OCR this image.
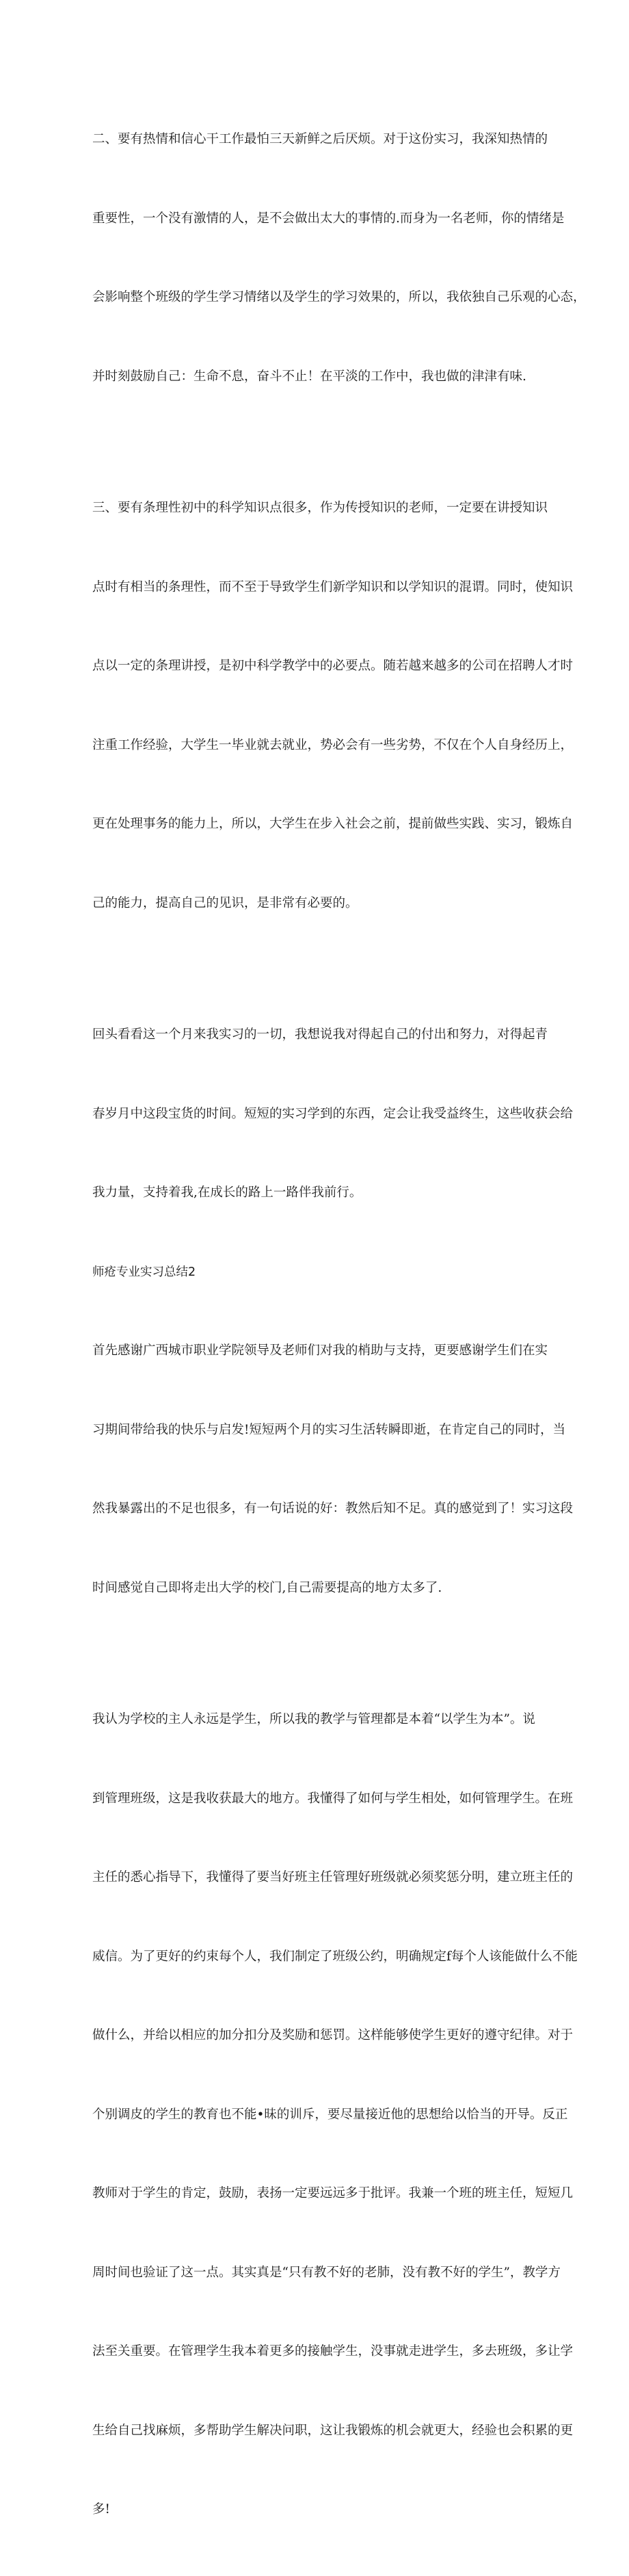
二、要有热情和信心干工作最怕三天新鲜之后厌烦。对于这份实习，我深知热情的

重要性，一个没有激情的人，是不会做出太大的事情的.而身为一名老师，你的情绪是

会影响整个班级的学生学习情绪以及学生的学习效果的，所以，我依独自己乐观的心态，

并时刻鼓励自己：生命不息，奋斗不止！在平淡的工作中，我也做的津津有味.

三、要有条理性初中的科学知识点很多，作为传授知识的老师，一定要在讲授知识

点时有相当的条理性，而不至于导致学生们新学知识和以学知识的混谓。同时，使知识

点以一定的条理讲授，是初中科学教学中的必要点。随若越来越多的公司在招聘人才时

注重工作经验，大学生一毕业就去就业，势必会有一些劣势，不仅在个人自身经历上，

更在处理事务的能力上，所以，大学生在步入社会之前，提前做些实践、实习，锻炼自

己的能力，提高自己的见识，是非常有必要的。

回头看看这一个月来我实习的一切，我想说我对得起自己的付出和努力，对得起青

春岁月中这段宝货的时间。短短的实习学到的东西，定会让我受益终生，这些收获会给

我力量，支持着我,在成长的路上一路伴我前行。

师疮专业实习总结2

首先感谢广西城市职业学院领导及老师们对我的梢助与支持，更要感谢学生们在实

习期间带给我的快乐与启发!短短两个月的实习生活转瞬即逝，在肯定自己的同时，当

然我暴露出的不足也很多，有一句话说的好：教然后知不足。真的感觉到了！实习这段

时间感觉自己即将走出大学的校门,自己需要提高的地方太多了.

我认为学校的主人永远是学生，所以我的教学与管理都是本着“以学生为本”。说

到管理班级，这是我收获最大的地方。我懂得了如何与学生相处，如何管理学生。在班

主任的悉心指导下，我懂得了要当好班主任管理好班级就必须奖惩分明，建立班主任的

威信。为了更好的约束每个人，我们制定了班级公约，明确规定f每个人该能做什么不能

做什么，并给以相应的加分扣分及奖励和惩罚。这样能够使学生更好的遵守纪律。对于

个别调皮的学生的教育也不能•昧的训斥，要尽量接近他的思想给以恰当的开导。反正

教师对于学生的肯定，鼓励，表扬一定要远远多于批评。我兼一个班的班主任，短短几

周时间也验证了这一点。其实真是“只有教不好的老肺，没有教不好的学生”，教学方

法至关重要。在管理学生我本着更多的接触学生，没事就走进学生，多去班级，多让学

生给自己找麻烦，多帮助学生解决问职，这让我锻炼的机会就更大，经验也会积累的更

多!
